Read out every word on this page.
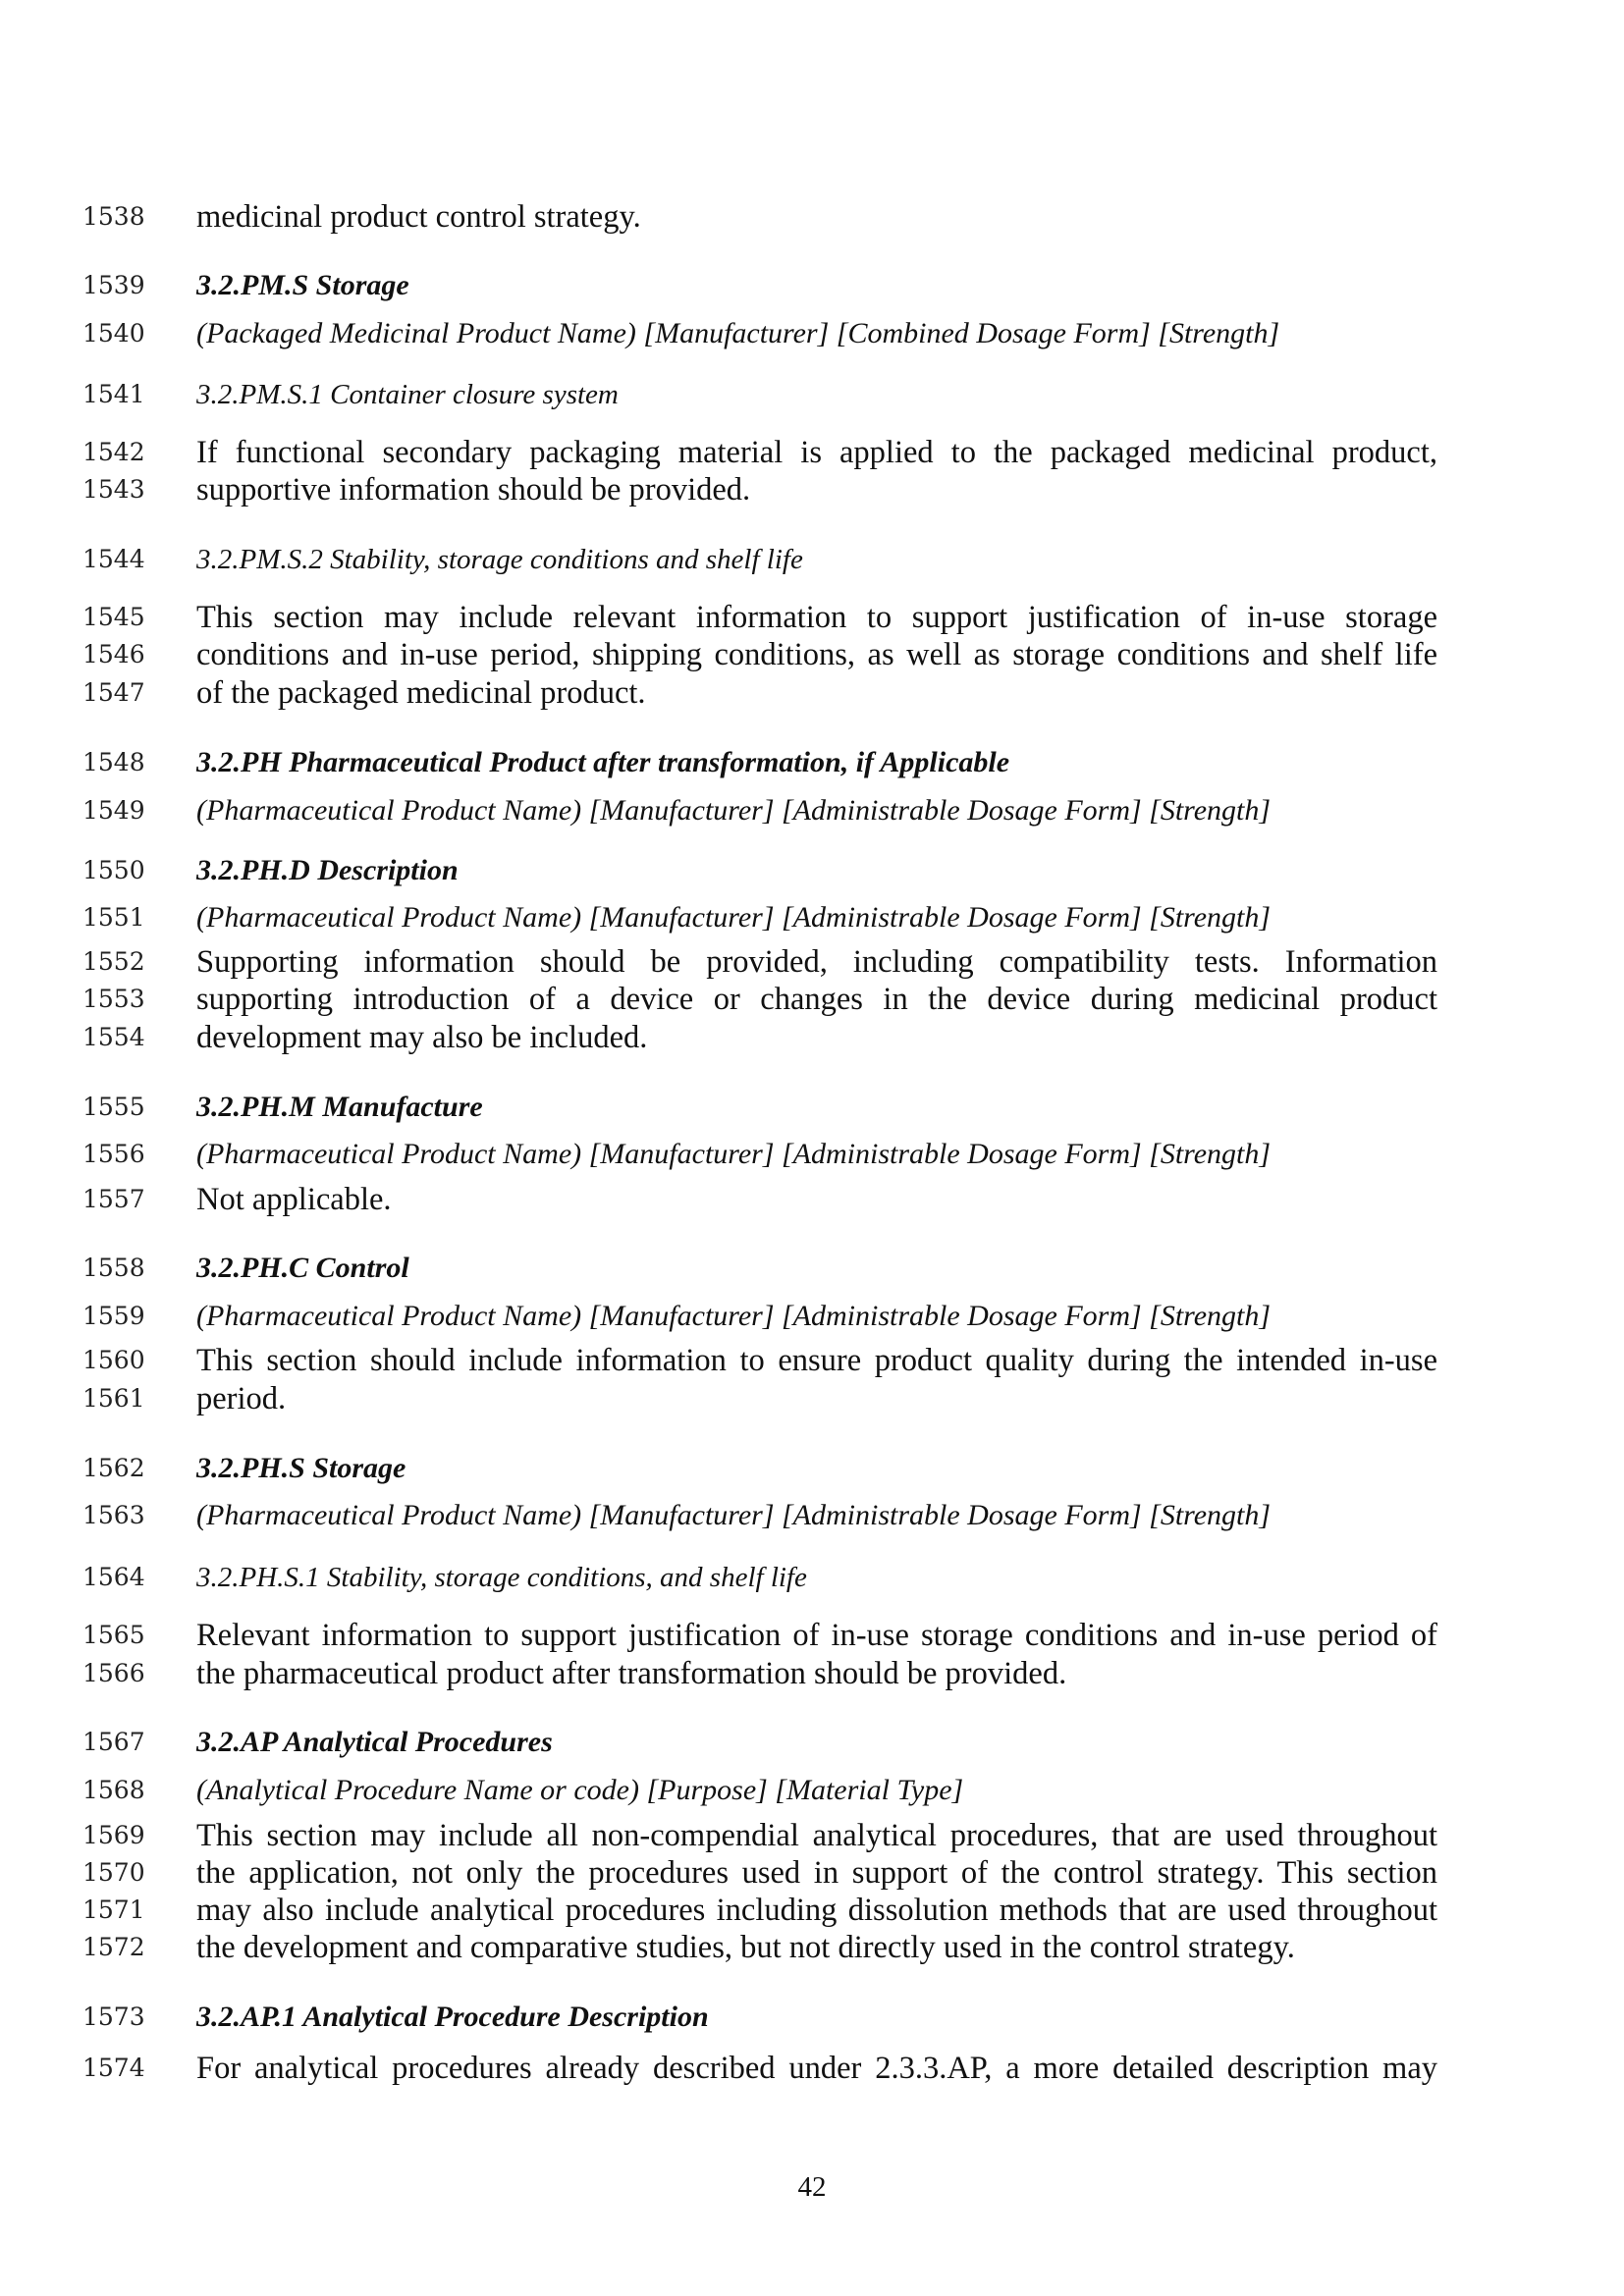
1538 medicinal product control strategy.
1539 3.2.PM.S Storage
1540 (Packaged Medicinal Product Name) [Manufacturer] [Combined Dosage Form] [Strength]
1541 3.2.PM.S.1 Container closure system
1542 If functional secondary packaging material is applied to the packaged medicinal product,
1543 supportive information should be provided.
1544 3.2.PM.S.2 Stability, storage conditions and shelf life
1545 This section may include relevant information to support justification of in-use storage
1546 conditions and in-use period, shipping conditions, as well as storage conditions and shelf life
1547 of the packaged medicinal product.
1548 3.2.PH Pharmaceutical Product after transformation, if Applicable
1549 (Pharmaceutical Product Name) [Manufacturer] [Administrable Dosage Form] [Strength]
1550 3.2.PH.D Description
1551 (Pharmaceutical Product Name) [Manufacturer] [Administrable Dosage Form] [Strength]
1552 Supporting information should be provided, including compatibility tests. Information
1553 supporting introduction of a device or changes in the device during medicinal product
1554 development may also be included.
1555 3.2.PH.M Manufacture
1556 (Pharmaceutical Product Name) [Manufacturer] [Administrable Dosage Form] [Strength]
1557 Not applicable.
1558 3.2.PH.C Control
1559 (Pharmaceutical Product Name) [Manufacturer] [Administrable Dosage Form] [Strength]
1560 This section should include information to ensure product quality during the intended in-use
1561 period.
1562 3.2.PH.S Storage
1563 (Pharmaceutical Product Name) [Manufacturer] [Administrable Dosage Form] [Strength]
1564 3.2.PH.S.1 Stability, storage conditions, and shelf life
1565 Relevant information to support justification of in-use storage conditions and in-use period of
1566 the pharmaceutical product after transformation should be provided.
1567 3.2.AP Analytical Procedures
1568 (Analytical Procedure Name or code) [Purpose] [Material Type]
1569 This section may include all non-compendial analytical procedures, that are used throughout
1570 the application, not only the procedures used in support of the control strategy. This section
1571 may also include analytical procedures including dissolution methods that are used throughout
1572 the development and comparative studies, but not directly used in the control strategy.
1573 3.2.AP.1 Analytical Procedure Description
1574 For analytical procedures already described under 2.3.3.AP, a more detailed description may
42
